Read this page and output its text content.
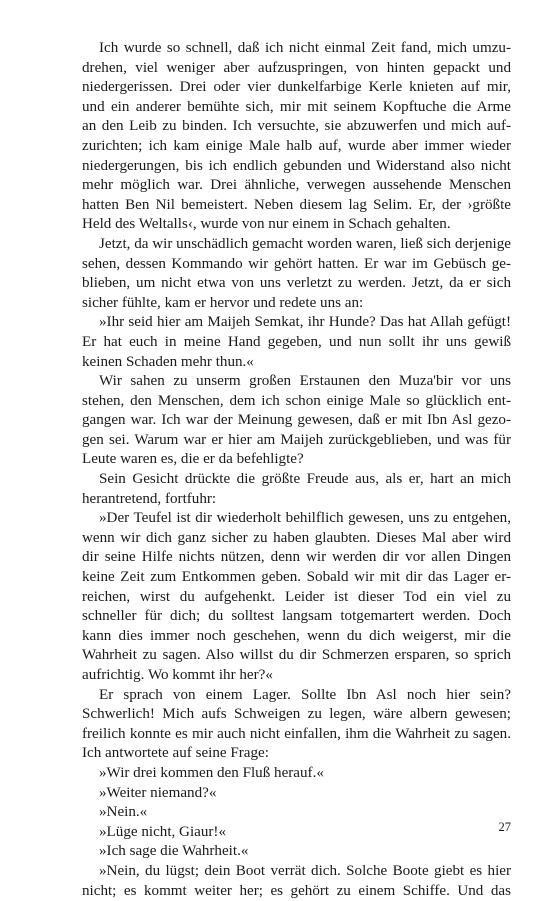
Ich wurde so schnell, daß ich nicht einmal Zeit fand, mich umzu-
drehen, viel weniger aber aufzuspringen, von hinten gepackt und
niedergerissen. Drei oder vier dunkelfarbige Kerle knieten auf mir,
und ein anderer bemühte sich, mir mit seinem Kopftuche die Arme
an den Leib zu binden. Ich versuchte, sie abzuwerfen und mich auf-
zurichten; ich kam einige Male halb auf, wurde aber immer wieder
niedergerungen, bis ich endlich gebunden und Widerstand also nicht
mehr möglich war. Drei ähnliche, verwegen aussehende Menschen
hatten Ben Nil bemeistert. Neben diesem lag Selim. Er, der ›größte
Held des Weltalls‹, wurde von nur einem in Schach gehalten.
Jetzt, da wir unschädlich gemacht worden waren, ließ sich derjenige
sehen, dessen Kommando wir gehört hatten. Er war im Gebüsch ge-
blieben, um nicht etwa von uns verletzt zu werden. Jetzt, da er sich
sicher fühlte, kam er hervor und redete uns an:
»Ihr seid hier am Maijeh Semkat, ihr Hunde? Das hat Allah gefügt!
Er hat euch in meine Hand gegeben, und nun sollt ihr uns gewiß
keinen Schaden mehr thun.«
Wir sahen zu unserm großen Erstaunen den Muza'bir vor uns
stehen, den Menschen, dem ich schon einige Male so glücklich ent-
gangen war. Ich war der Meinung gewesen, daß er mit Ibn Asl gezo-
gen sei. Warum war er hier am Maijeh zurückgeblieben, und was für
Leute waren es, die er da befehligte?
Sein Gesicht drückte die größte Freude aus, als er, hart an mich
herantretend, fortfuhr:
»Der Teufel ist dir wiederholt behilflich gewesen, uns zu entgehen,
wenn wir dich ganz sicher zu haben glaubten. Dieses Mal aber wird
dir seine Hilfe nichts nützen, denn wir werden dir vor allen Dingen
keine Zeit zum Entkommen geben. Sobald wir mit dir das Lager er-
reichen, wirst du aufgehenkt. Leider ist dieser Tod ein viel zu
schneller für dich; du solltest langsam totgemartert werden. Doch
kann dies immer noch geschehen, wenn du dich weigerst, mir die
Wahrheit zu sagen. Also willst du dir Schmerzen ersparen, so sprich
aufrichtig. Wo kommt ihr her?«
Er sprach von einem Lager. Sollte Ibn Asl noch hier sein?
Schwerlich! Mich aufs Schweigen zu legen, wäre albern gewesen;
freilich konnte es mir auch nicht einfallen, ihm die Wahrheit zu sagen.
Ich antwortete auf seine Frage:
»Wir drei kommen den Fluß herauf.«
»Weiter niemand?«
»Nein.«
»Lüge nicht, Giaur!«
»Ich sage die Wahrheit.«
»Nein, du lügst; dein Boot verrät dich. Solche Boote giebt es hier
nicht; es kommt weiter her; es gehört zu einem Schiffe. Und das
27
